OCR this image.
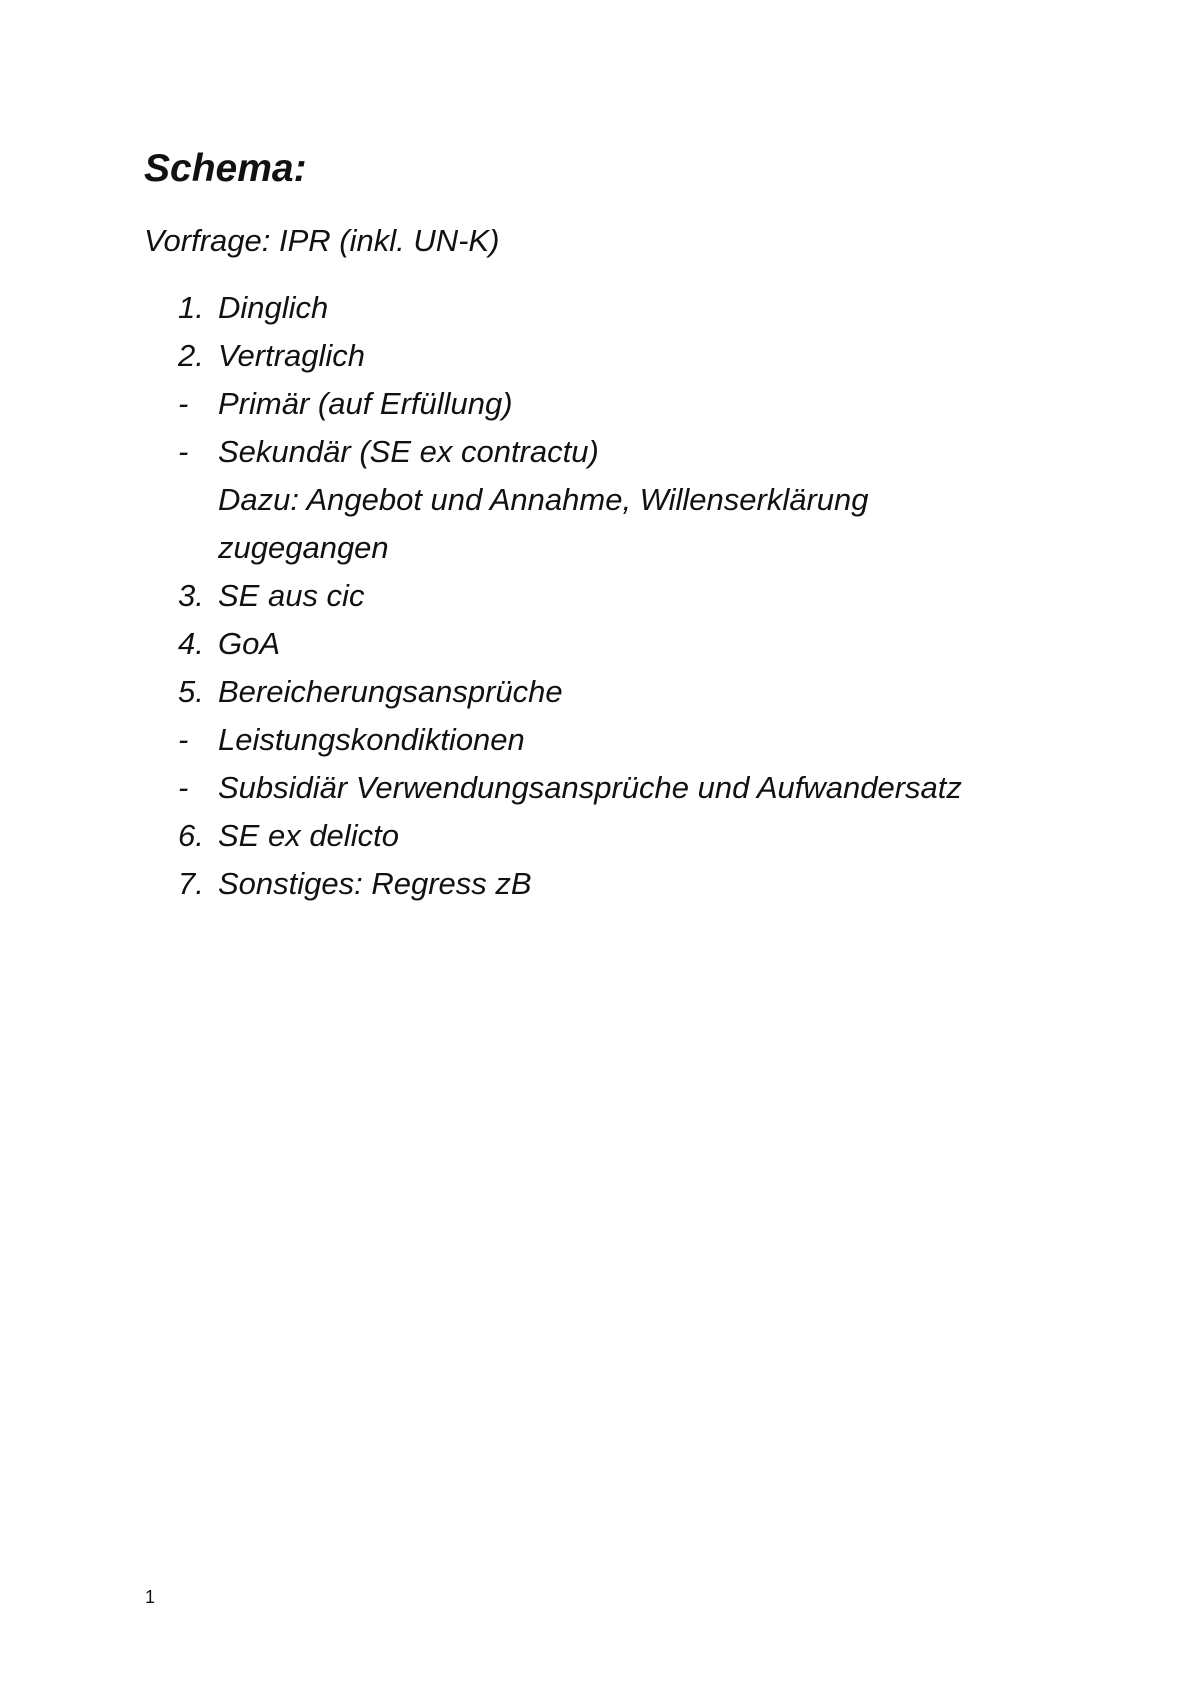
Schema:

Vorfrage: IPR (inkl. UN-K)

1. Dinglich
2. Vertraglich
- Primär (auf Erfüllung)
- Sekundär (SE ex contractu)
Dazu: Angebot und Annahme, Willenserklärung
zugegangen
3. SE aus cic
4. GoA
5. Bereicherungsansprüche
- Leistungskondiktionen
- Subsidiär Verwendungsansprüche und Aufwandersatz
6. SE ex delicto
7. Sonstiges: Regress zB
1
